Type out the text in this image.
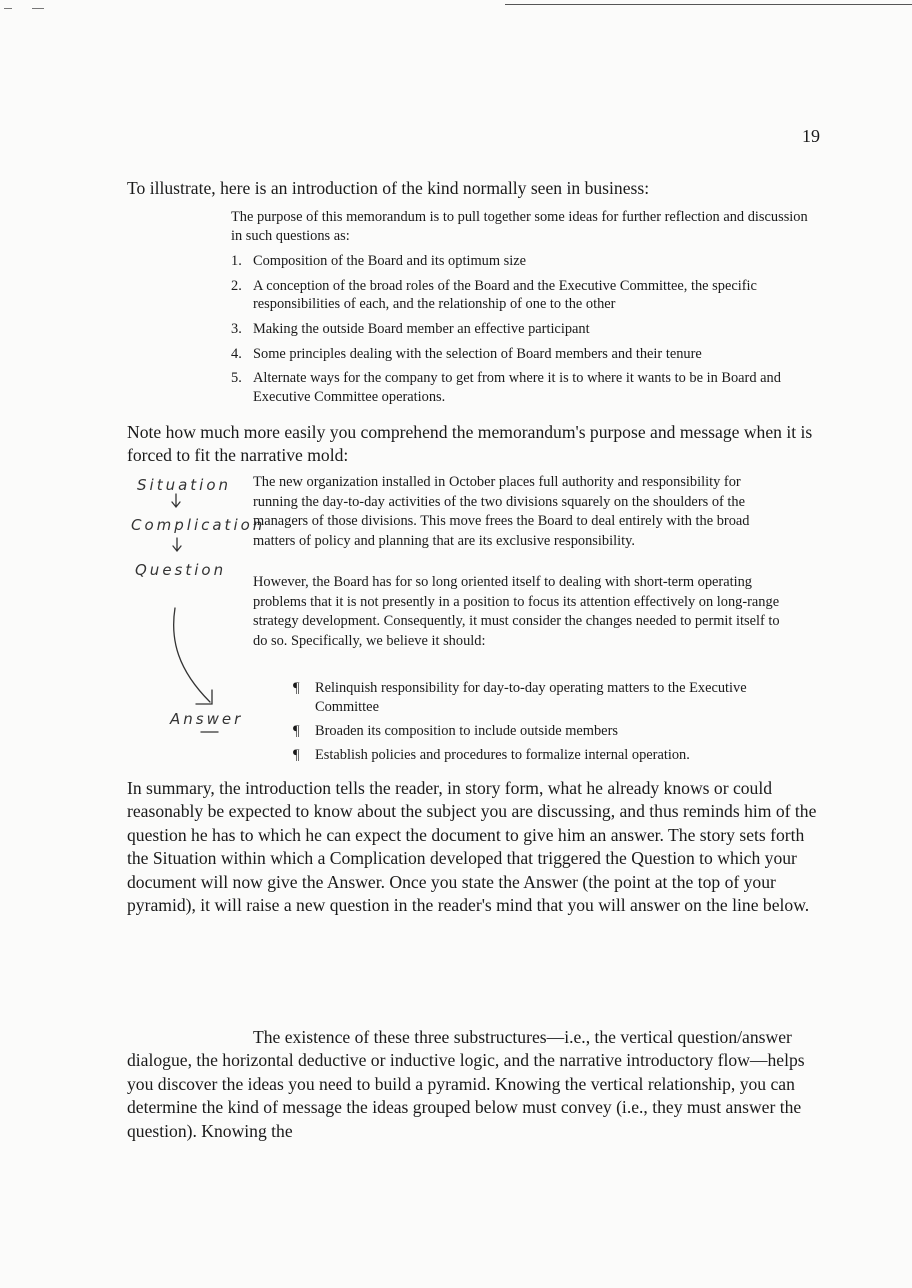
19
To illustrate, here is an introduction of the kind normally seen in business:

The purpose of this memorandum is to pull together some ideas for further reflection and discussion in such questions as:

1. Composition of the Board and its optimum size
2. A conception of the broad roles of the Board and the Executive Committee, the specific responsibilities of each, and the relationship of one to the other
3. Making the outside Board member an effective participant
4. Some principles dealing with the selection of Board members and their tenure
5. Alternate ways for the company to get from where it is to where it wants to be in Board and Executive Committee operations.
Note how much more easily you comprehend the memorandum's purpose and message when it is forced to fit the narrative mold:
Situation
Complication
Question
Answer
The new organization installed in October places full authority and responsibility for running the day-to-day activities of the two divisions squarely on the shoulders of the managers of those divisions. This move frees the Board to deal entirely with the broad matters of policy and planning that are its exclusive responsibility.
However, the Board has for so long oriented itself to dealing with short-term operating problems that it is not presently in a position to focus its attention effectively on long-range strategy development. Consequently, it must consider the changes needed to permit itself to do so. Specifically, we believe it should:
¶ Relinquish responsibility for day-to-day operating matters to the Executive Committee
¶ Broaden its composition to include outside members
¶ Establish policies and procedures to formalize internal operation.
In summary, the introduction tells the reader, in story form, what he already knows or could reasonably be expected to know about the subject you are discussing, and thus reminds him of the question he has to which he can expect the document to give him an answer. The story sets forth the Situation within which a Complication developed that triggered the Question to which your document will now give the Answer. Once you state the Answer (the point at the top of your pyramid), it will raise a new question in the reader's mind that you will answer on the line below.
The existence of these three substructures—i.e., the vertical question/answer dialogue, the horizontal deductive or inductive logic, and the narrative introductory flow—helps you discover the ideas you need to build a pyramid. Knowing the vertical relationship, you can determine the kind of message the ideas grouped below must convey (i.e., they must answer the question). Knowing the
